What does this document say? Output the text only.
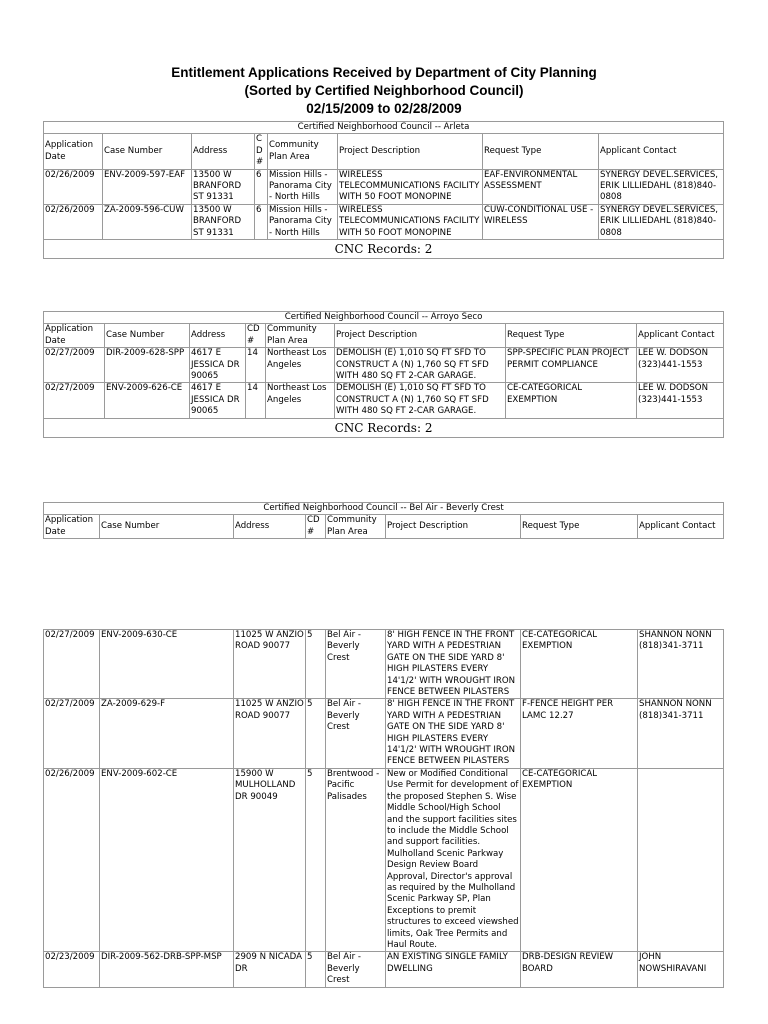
Entitlement Applications Received by Department of City Planning
(Sorted by Certified Neighborhood Council)
02/15/2009 to 02/28/2009
Certified Neighborhood Council -- Arleta							
Application Date	Case Number	Address	CD#	Community Plan Area	Project Description	Request Type	Applicant Contact
02/26/2009	ENV-2009-597-EAF	13500 W BRANFORD ST 91331	6	Mission Hills - Panorama City - North Hills	WIRELESS TELECOMMUNICATIONS FACILITY WITH 50 FOOT MONOPINE	EAF-ENVIRONMENTAL ASSESSMENT	SYNERGY DEVEL.SERVICES, ERIK LILLIEDAHL (818)840-0808
02/26/2009	ZA-2009-596-CUW	13500 W BRANFORD ST 91331	6	Mission Hills - Panorama City - North Hills	WIRELESS TELECOMMUNICATIONS FACILITY WITH 50 FOOT MONOPINE	CUW-CONDITIONAL USE - WIRELESS	SYNERGY DEVEL.SERVICES, ERIK LILLIEDAHL (818)840-0808
CNC Records: 2							
Certified Neighborhood Council -- Arroyo Seco							
Application Date	Case Number	Address	CD#	Community Plan Area	Project Description	Request Type	Applicant Contact
02/27/2009	DIR-2009-628-SPP	4617 E JESSICA DR 90065	14	Northeast Los Angeles	DEMOLISH (E) 1,010 SQ FT SFD TO CONSTRUCT A (N) 1,760 SQ FT SFD WITH 480 SQ FT 2-CAR GARAGE.	SPP-SPECIFIC PLAN PROJECT PERMIT COMPLIANCE	LEE W. DODSON (323)441-1553
02/27/2009	ENV-2009-626-CE	4617 E JESSICA DR 90065	14	Northeast Los Angeles	DEMOLISH (E) 1,010 SQ FT SFD TO CONSTRUCT A (N) 1,760 SQ FT SFD WITH 480 SQ FT 2-CAR GARAGE.	CE-CATEGORICAL EXEMPTION	LEE W. DODSON (323)441-1553
CNC Records: 2							
Certified Neighborhood Council -- Bel Air - Beverly Crest
Application Date	Case Number	Address	CD#	Community Plan Area	Project Description	Request Type	Applicant Contact
02/27/2009	ENV-2009-630-CE	11025 W ANZIO ROAD 90077	5	Bel Air - Beverly Crest	8' HIGH FENCE IN THE FRONT YARD WITH A PEDESTRIAN GATE ON THE SIDE YARD 8' HIGH PILASTERS EVERY 14'1/2' WITH WROUGHT IRON FENCE BETWEEN PILASTERS	CE-CATEGORICAL EXEMPTION	SHANNON NONN (818)341-3711
02/27/2009	ZA-2009-629-F	11025 W ANZIO ROAD 90077	5	Bel Air - Beverly Crest	8' HIGH FENCE IN THE FRONT YARD WITH A PEDESTRIAN GATE ON THE SIDE YARD 8' HIGH PILASTERS EVERY 14'1/2' WITH WROUGHT IRON FENCE BETWEEN PILASTERS	F-FENCE HEIGHT PER LAMC 12.27	SHANNON NONN (818)341-3711
02/26/2009	ENV-2009-602-CE	15900 W MULHOLLAND DR 90049	5	Brentwood - Pacific Palisades	New or Modified Conditional Use Permit for development of the proposed Stephen S. Wise Middle School/High School and the support facilities sites to include the Middle School and support facilities. Mulholland Scenic Parkway Design Review Board Approval, Director's approval as required by the Mulholland Scenic Parkway SP, Plan Exceptions to premit structures to exceed viewshed limits, Oak Tree Permits and Haul Route.	CE-CATEGORICAL EXEMPTION	
02/23/2009	DIR-2009-562-DRB-SPP-MSP	2909 N NICADA DR	5	Bel Air - Beverly Crest	AN EXISTING SINGLE FAMILY DWELLING	DRB-DESIGN REVIEW BOARD	JOHN NOWSHIRAVANI
